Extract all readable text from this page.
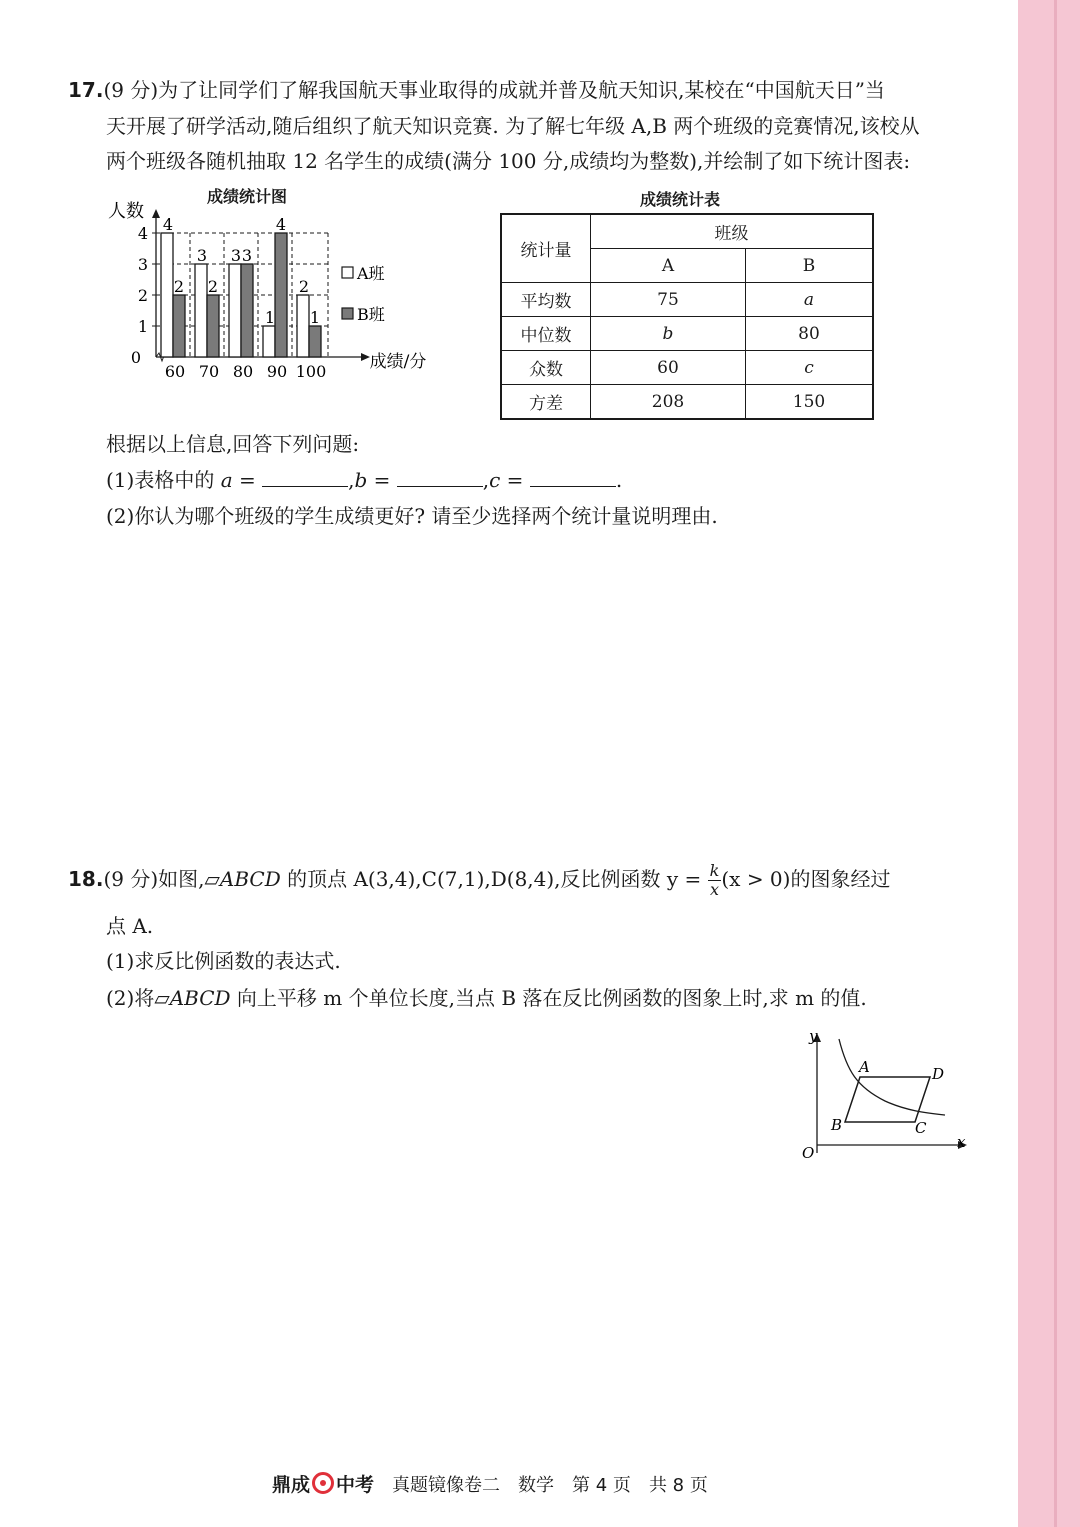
17.(9 分)为了让同学们了解我国航天事业取得的成就并普及航天知识,某校在“中国航天日”当
天开展了研学活动,随后组织了航天知识竞赛. 为了解七年级 A,B 两个班级的竞赛情况,该校从
两个班级各随机抽取 12 名学生的成绩(满分 100 分,成绩均为整数),并绘制了如下统计图表:
成绩统计图	成绩统计表
1
2
3
4
0
人数
成绩/分
4
2
60
3
2
70
3 3
80
1
4
90
2
1
100
A班
B班
统计量	班级	
	A	B
平均数	75	a
中位数	b	80
众数	60	c
方差	208	150
根据以上信息,回答下列问题:
(1)表格中的 a =	,b =	,c =	.
(2)你认为哪个班级的学生成绩更好? 请至少选择两个统计量说明理由.
18.(9 分)如图,▱ABCD 的顶点 A(3,4),C(7,1),D(8,4),反比例函数 $y = \frac{k}{x} (x > 0)$的图象经过
点 A.
(1)求反比例函数的表达式.
(2)将▱ABCD 向上平移 m 个单位长度,当点 B 落在反比例函数的图象上时,求 m 的值.
y
x
O
A
B	C
D
鼎成 中考 真题镜像卷二 数学 第 4 页 共 8 页
